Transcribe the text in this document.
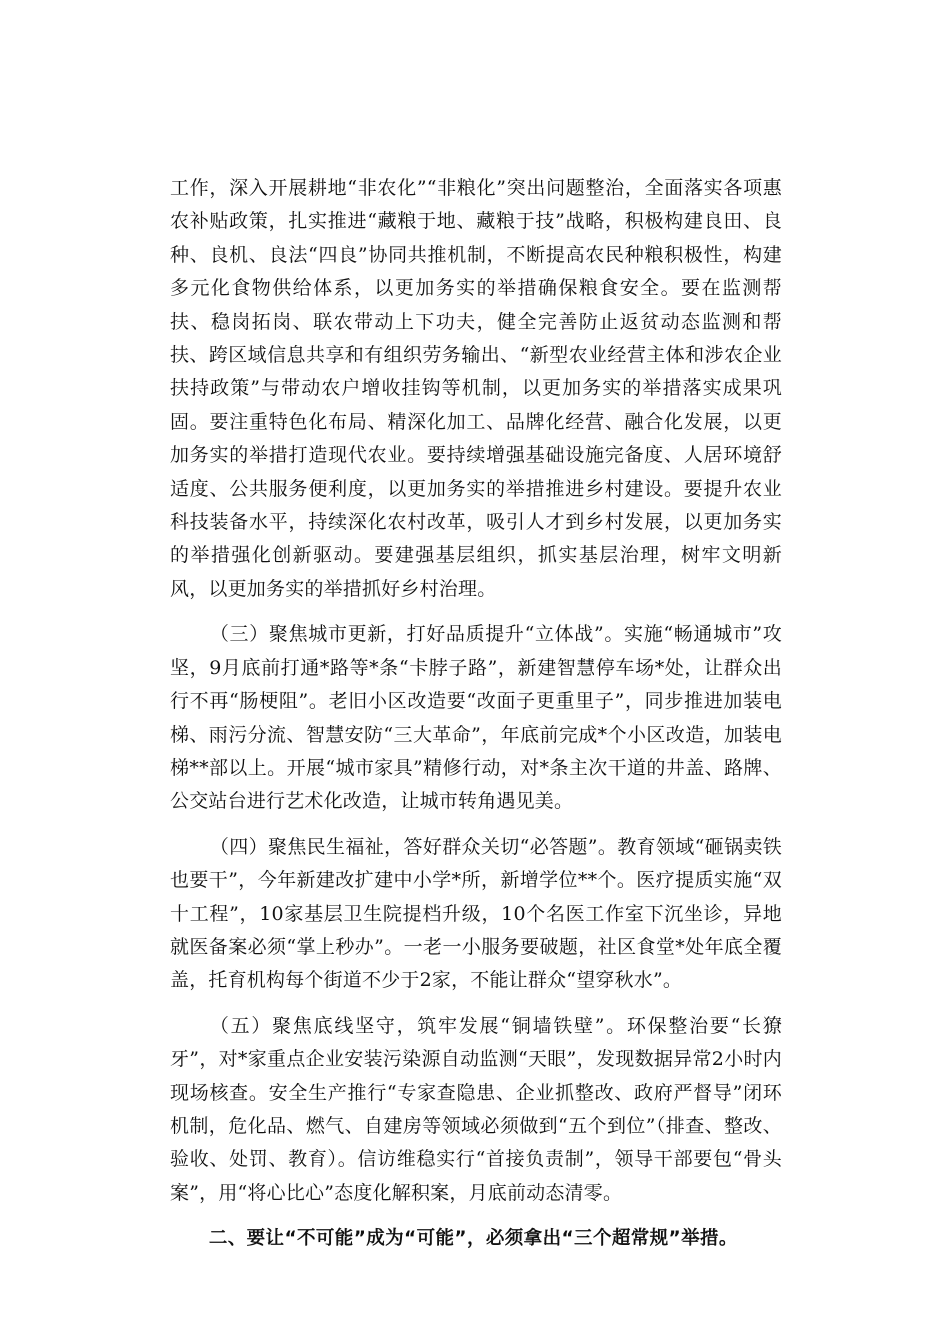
工作，深入开展耕地“非农化”“非粮化”突出问题整治，全面落实各项惠农补贴政策，扎实推进“藏粮于地、藏粮于技”战略，积极构建良田、良种、良机、良法“四良”协同共推机制，不断提高农民种粮积极性，构建多元化食物供给体系，以更加务实的举措确保粮食安全。要在监测帮扶、稳岗拓岗、联农带动上下功夫，健全完善防止返贫动态监测和帮扶、跨区域信息共享和有组织劳务输出、“新型农业经营主体和涉农企业扶持政策”与带动农户增收挂钩等机制，以更加务实的举措落实成果巩固。要注重特色化布局、精深化加工、品牌化经营、融合化发展，以更加务实的举措打造现代农业。要持续增强基础设施完备度、人居环境舒适度、公共服务便利度，以更加务实的举措推进乡村建设。要提升农业科技装备水平，持续深化农村改革，吸引人才到乡村发展，以更加务实的举措强化创新驱动。要建强基层组织，抓实基层治理，树牢文明新风，以更加务实的举措抓好乡村治理。

（三）聚焦城市更新，打好品质提升“立体战”。实施“畅通城市”攻坚，9月底前打通*路等*条“卡脖子路”，新建智慧停车场*处，让群众出行不再“肠梗阻”。老旧小区改造要“改面子更重里子”，同步推进加装电梯、雨污分流、智慧安防“三大革命”，年底前完成*个小区改造，加装电梯**部以上。开展“城市家具”精修行动，对*条主次干道的井盖、路牌、公交站台进行艺术化改造，让城市转角遇见美。

（四）聚焦民生福祉，答好群众关切“必答题”。教育领域“砸锅卖铁也要干”，今年新建改扩建中小学*所，新增学位**个。医疗提质实施“双十工程”，10家基层卫生院提档升级，10个名医工作室下沉坐诊，异地就医备案必须“掌上秒办”。一老一小服务要破题，社区食堂*处年底全覆盖，托育机构每个街道不少于2家，不能让群众“望穿秋水”。

（五）聚焦底线坚守，筑牢发展“铜墙铁壁”。环保整治要“长獠牙”，对*家重点企业安装污染源自动监测“天眼”，发现数据异常2小时内现场核查。安全生产推行“专家查隐患、企业抓整改、政府严督导”闭环机制，危化品、燃气、自建房等领域必须做到“五个到位”（排查、整改、验收、处罚、教育）。信访维稳实行“首接负责制”，领导干部要包“骨头案”，用“将心比心”态度化解积案，月底前动态清零。

二、要让“不可能”成为“可能”，必须拿出“三个超常规”举措。
